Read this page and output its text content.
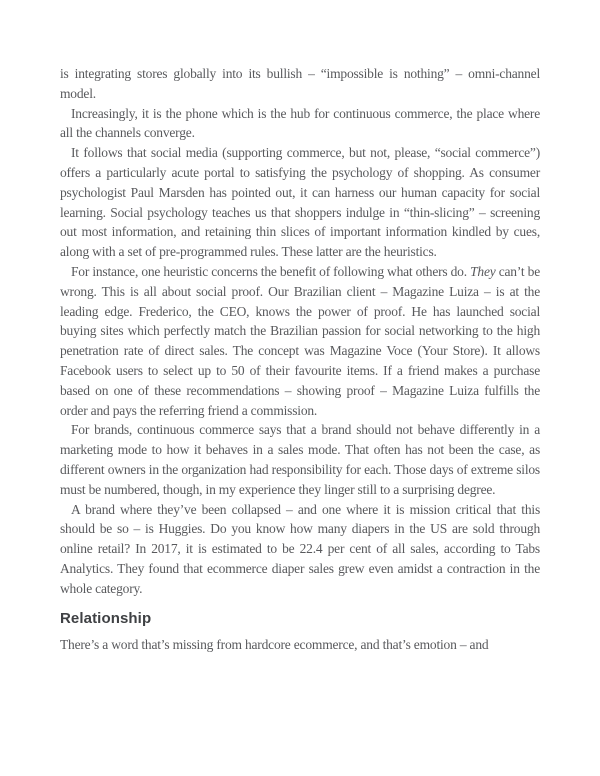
is integrating stores globally into its bullish – “impossible is nothing” – omni-channel model.

Increasingly, it is the phone which is the hub for continuous commerce, the place where all the channels converge.

It follows that social media (supporting commerce, but not, please, “social commerce”) offers a particularly acute portal to satisfying the psychology of shopping. As consumer psychologist Paul Marsden has pointed out, it can harness our human capacity for social learning. Social psychology teaches us that shoppers indulge in “thin-slicing” – screening out most information, and retaining thin slices of important information kindled by cues, along with a set of pre-programmed rules. These latter are the heuristics.

For instance, one heuristic concerns the benefit of following what others do. They can’t be wrong. This is all about social proof. Our Brazilian client – Magazine Luiza – is at the leading edge. Frederico, the CEO, knows the power of proof. He has launched social buying sites which perfectly match the Brazilian passion for social networking to the high penetration rate of direct sales. The concept was Magazine Voce (Your Store). It allows Facebook users to select up to 50 of their favourite items. If a friend makes a purchase based on one of these recommendations – showing proof – Magazine Luiza fulfills the order and pays the referring friend a commission.

For brands, continuous commerce says that a brand should not behave differently in a marketing mode to how it behaves in a sales mode. That often has not been the case, as different owners in the organization had responsibility for each. Those days of extreme silos must be numbered, though, in my experience they linger still to a surprising degree.

A brand where they’ve been collapsed – and one where it is mission critical that this should be so – is Huggies. Do you know how many diapers in the US are sold through online retail? In 2017, it is estimated to be 22.4 per cent of all sales, according to Tabs Analytics. They found that ecommerce diaper sales grew even amidst a contraction in the whole category.

Relationship

There’s a word that’s missing from hardcore ecommerce, and that’s emotion – and
